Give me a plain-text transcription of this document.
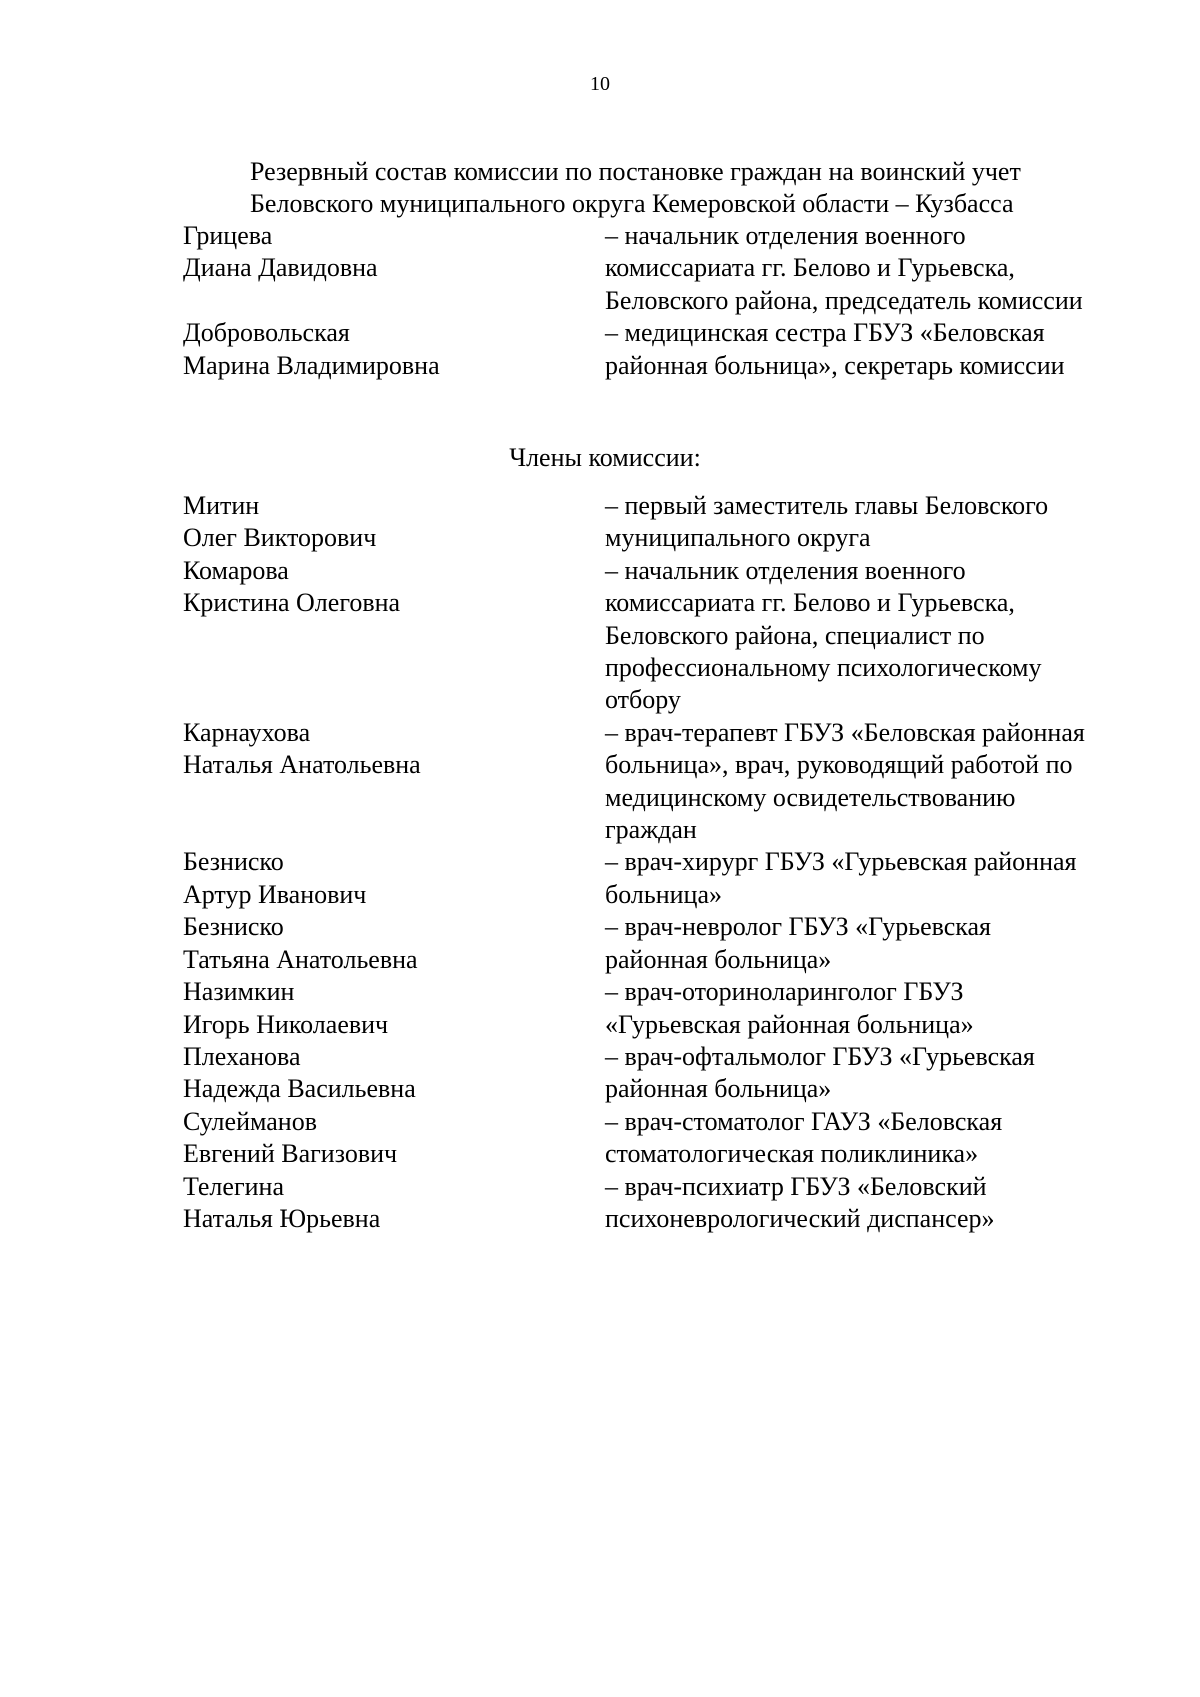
10
Резервный состав комиссии по постановке граждан на воинский учет
Беловского муниципального округа Кемеровской области – Кузбасса
Грицева
Диана Давидовна
– начальник отделения военного
комиссариата гг. Белово и Гурьевска,
Беловского района, председатель комиссии
Добровольская
Марина Владимировна
– медицинская сестра ГБУЗ «Беловская
районная больница», секретарь комиссии
Члены комиссии:
Митин
Олег Викторович
– первый заместитель главы Беловского
муниципального округа
Комарова
Кристина Олеговна
– начальник отделения военного
комиссариата гг. Белово и Гурьевска,
Беловского района, специалист по
профессиональному психологическому
отбору
Карнаухова
Наталья Анатольевна
– врач-терапевт ГБУЗ «Беловская районная
больница», врач, руководящий работой по
медицинскому освидетельствованию
граждан
Безниско
Артур Иванович
– врач-хирург ГБУЗ «Гурьевская районная
больница»
Безниско
Татьяна Анатольевна
– врач-невролог ГБУЗ «Гурьевская
районная больница»
Назимкин
Игорь Николаевич
– врач-оториноларинголог ГБУЗ
«Гурьевская районная больница»
Плеханова
Надежда Васильевна
– врач-офтальмолог ГБУЗ «Гурьевская
районная больница»
Сулейманов
Евгений Вагизович
– врач-стоматолог ГАУЗ «Беловская
стоматологическая поликлиника»
Телегина
Наталья Юрьевна
– врач-психиатр ГБУЗ «Беловский
психоневрологический диспансер»
